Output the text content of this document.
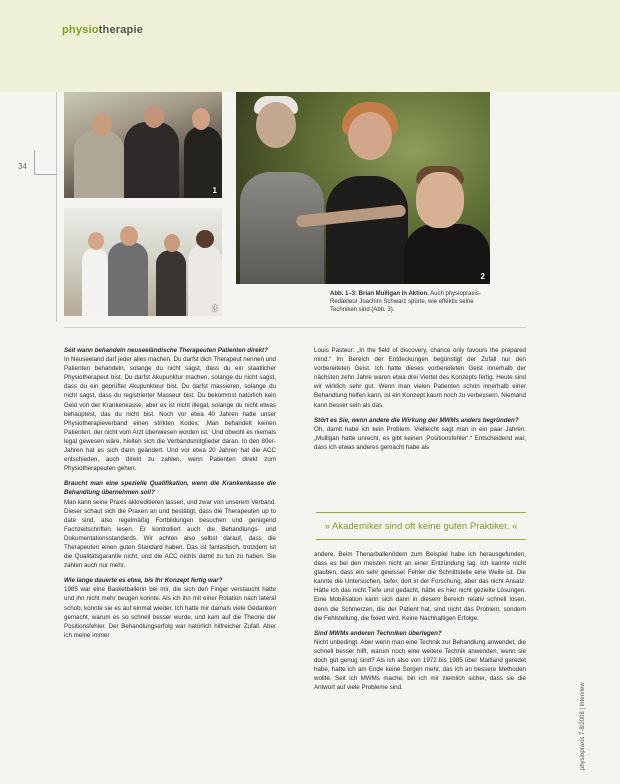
physiotherapie
34
1
3
2
Abb. 1–3: Brian Mulligan in Aktion. Auch physiopraxis-Redakteur Joachim Schwarz spürte, wie effektiv seine Techniken sind (Abb. 3).
Seit wann behandeln neuseeländische Therapeuten Patienten direkt?

In Neuseeland darf jeder alles machen. Du darfst dich Therapeut nennen und Patienten behandeln, solange du nicht sagst, dass du ein staatlicher Physiotherapeut bist. Du darfst Akupunktur machen, solange du nicht sagst, dass du ein geprüfter Akupunkteur bist. Du darfst massieren, solange du nicht sagst, dass du registrierter Masseur bist. Du bekommst natürlich kein Geld von der Krankenkasse, aber es ist nicht illegal, solange du nicht etwas behauptest, das du nicht bist. Noch vor etwa 40 Jahren hatte unser Physiotherapieverband einen strikten Kodex: ‚Man behandelt keinen Patienten, der nicht vom Arzt überwiesen worden ist.‘ Und obwohl es niemals legal gewesen wäre, hielten sich die Verbandsmitglieder daran. In den 80er-Jahren hat es sich dann geändert. Und vor etwa 20 Jahren hat die ACC entschieden, auch direkt zu zahlen, wenn Patienten direkt zum Physiotherapeuten gehen.

Braucht man eine spezielle Qualifikation, wenn die Krankenkasse die Behandlung übernehmen soll?

Man kann seine Praxis akkreditieren lassen, und zwar von unserem Verband. Dieser schaut sich die Praxen an und bestätigt, dass die Therapeuten up to date sind, also regelmäßig Fortbildungen besuchen und genügend Fachzeitschriften lesen. Er kontrolliert auch die Behandlungs- und Dokumentationsstandards. Wir achten also selbst darauf, dass die Therapeuten einen guten Standard haben. Das ist fantastisch, trotzdem ist die Qualitätsgarantie nicht, und die ACC nichts damit zu tun zu haben. Sie zahlen auch nur mehr.

Wie lange dauerte es etwa, bis Ihr Konzept fertig war?

1985 war eine Basketballerin bei mir, die sich den Finger verstaucht hatte und ihn nicht mehr beugen konnte. Als ich ihn mit einer Rotation nach lateral schob, konnte sie es auf einmal wieder. Ich hatte mir damals viele Gedanken gemacht, warum es so schnell besser wurde, und kam auf die Theorie der Positionsfehler. Der Behandlungserfolg war natürlich hilfreicher Zufall. Aber ich meine immer

Louis Pasteur: „In the field of discovery, chance only favours the prepared mind.“ Im Bereich der Entdeckungen begünstigt der Zufall nur den vorbereiteten Geist. Ich hatte dieses vorbereiteten Geist innerhalb der nächsten zehn Jahre waren etwa drei Viertel des Konzepts fertig. Heute sind wir wirklich sehr gut. Wenn man vielen Patienten schon innerhalb einer Behandlung helfen kann, ist ein Konzept kaum noch zu verbessern. Niemand kann besser sein als das.

Stört es Sie, wenn andere die Wirkung der MWMs anders begründen?

Oh, damit habe ich kein Problem. Vielleicht sagt man in ein paar Jahren: „Mulligan hatte unrecht, es gibt keinen ‚Positionsfehler‘.“ Entscheidend war, dass ich etwas anderes gemacht habe als

» Akademiker sind oft keine guten Praktiker. «

andere. Beim Thenarballenödem zum Beispiel habe ich herausgefunden, dass es bei den meisten nicht an einer Entzündung lag. Ich kannte nicht glauben, dass ein sehr gewisser Fehler die Schnittstelle eine Weile ist. Die kannte die Untersuchen, tiefer, dort in der Forschung, aber das nicht Ansatz. Hätte ich das nicht Tiefe und gedacht, hätte es hier nicht gezielte Lösungen. Eine Mobilisation kann sich dann in diesem Bereich relativ schnell lösen, denn die Schmerzen, die der Patient hat, sind nicht das Problem, sondern die Fehlstellung, die fixiert wird. Keine Nachhaltigen Erfolge.

Sind MWMs anderen Techniken überlegen?

Nicht unbedingt. Aber wenn man eine Technik zur Behandlung anwendet, die schnell besser hilft, warum noch eine weitere Technik anwenden, wenn sie doch gut genug sind? Als ich also von 1972 bis 1985 über Maitland geredet habe, hatte ich am Ende keine Sorgen mehr, das ich an bessere Methoden wollte. Seit ich MWMs mache, bin ich mir ziemlich sicher, dass sie die Antwort auf viele Probleme sind.	physiopraxis 7-8/2008 | Interview
